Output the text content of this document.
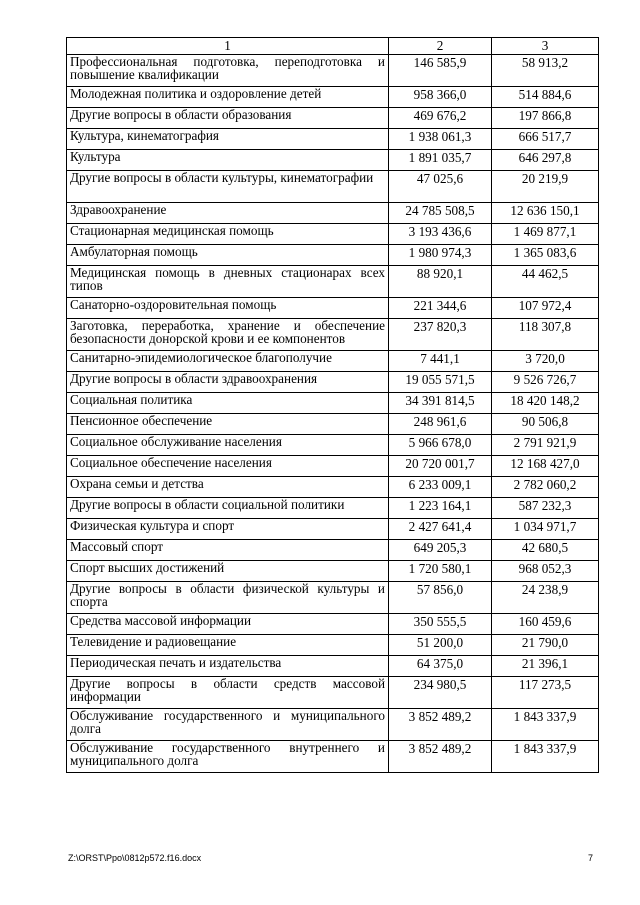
1	2	3
Профессиональная подготовка, переподготовка и повышение квалификации	146 585,9	58 913,2
Молодежная политика и оздоровление детей	958 366,0	514 884,6
Другие вопросы в области образования	469 676,2	197 866,8
Культура, кинематография	1 938 061,3	666 517,7
Культура	1 891 035,7	646 297,8
Другие вопросы в области культуры, кинематографии	47 025,6	20 219,9
Здравоохранение	24 785 508,5	12 636 150,1
Стационарная медицинская помощь	3 193 436,6	1 469 877,1
Амбулаторная помощь	1 980 974,3	1 365 083,6
Медицинская помощь в дневных стационарах всех типов	88 920,1	44 462,5
Санаторно-оздоровительная помощь	221 344,6	107 972,4
Заготовка, переработка, хранение и обеспечение безопасности донорской крови и ее компонентов	237 820,3	118 307,8
Санитарно-эпидемиологическое благополучие	7 441,1	3 720,0
Другие вопросы в области здравоохранения	19 055 571,5	9 526 726,7
Социальная политика	34 391 814,5	18 420 148,2
Пенсионное обеспечение	248 961,6	90 506,8
Социальное обслуживание населения	5 966 678,0	2 791 921,9
Социальное обеспечение населения	20 720 001,7	12 168 427,0
Охрана семьи и детства	6 233 009,1	2 782 060,2
Другие вопросы в области социальной политики	1 223 164,1	587 232,3
Физическая культура и спорт	2 427 641,4	1 034 971,7
Массовый спорт	649 205,3	42 680,5
Спорт высших достижений	1 720 580,1	968 052,3
Другие вопросы в области физической культуры и спорта	57 856,0	24 238,9
Средства массовой информации	350 555,5	160 459,6
Телевидение и радиовещание	51 200,0	21 790,0
Периодическая печать и издательства	64 375,0	21 396,1
Другие вопросы в области средств массовой информации	234 980,5	117 273,5
Обслуживание государственного и муниципального долга	3 852 489,2	1 843 337,9
Обслуживание государственного внутреннего и муниципального долга	3 852 489,2	1 843 337,9
Z:\ORST\Ppo\0812p572.f16.docx	7
